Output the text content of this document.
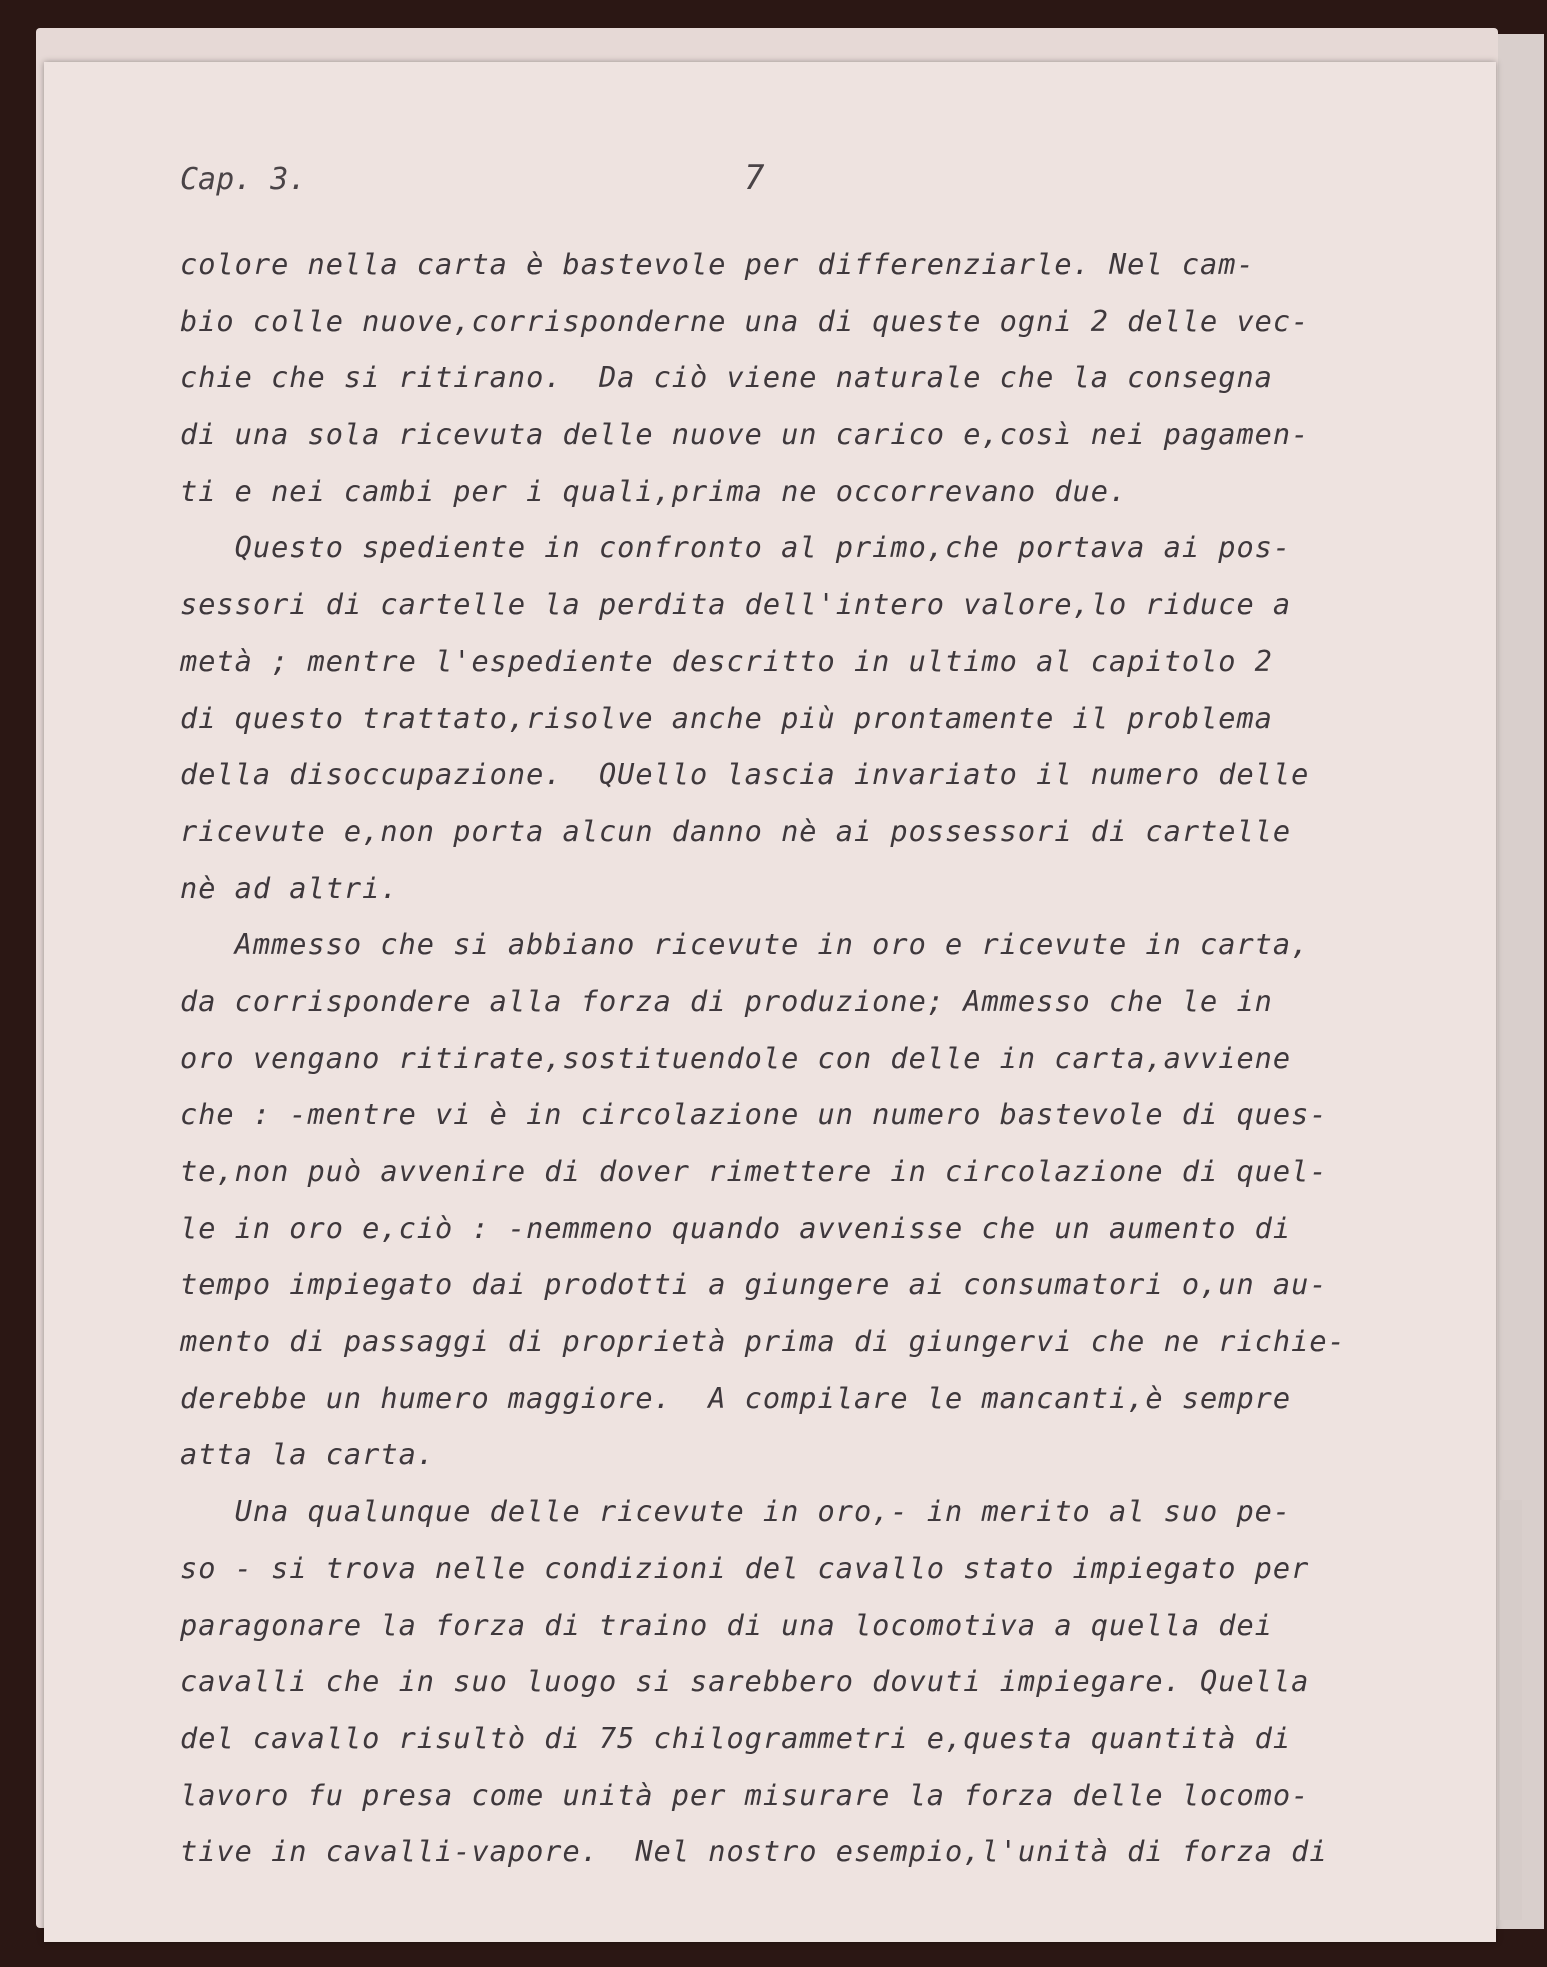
Cap. 3.	7
colore nella carta è bastevole per differenziarle. Nel cam-
bio colle nuove,corrisponderne una di queste ogni 2 delle vec-
chie che si ritirano.  Da ciò viene naturale che la consegna
di una sola ricevuta delle nuove un carico e,così nei pagamen-
ti e nei cambi per i quali,prima ne occorrevano due.
Questo spediente in confronto al primo,che portava ai pos-
sessori di cartelle la perdita dell'intero valore,lo riduce a
metà ; mentre l'espediente descritto in ultimo al capitolo 2
di questo trattato,risolve anche più prontamente il problema
della disoccupazione.  QUello lascia invariato il numero delle
ricevute e,non porta alcun danno nè ai possessori di cartelle
nè ad altri.
Ammesso che si abbiano ricevute in oro e ricevute in carta,
da corrispondere alla forza di produzione; Ammesso che le in
oro vengano ritirate,sostituendole con delle in carta,avviene
che : -mentre vi è in circolazione un numero bastevole di ques-
te,non può avvenire di dover rimettere in circolazione di quel-
le in oro e,ciò : -nemmeno quando avvenisse che un aumento di
tempo impiegato dai prodotti a giungere ai consumatori o,un au-
mento di passaggi di proprietà prima di giungervi che ne richie-
derebbe un humero maggiore.  A compilare le mancanti,è sempre
atta la carta.
Una qualunque delle ricevute in oro,- in merito al suo pe-
so - si trova nelle condizioni del cavallo stato impiegato per
paragonare la forza di traino di una locomotiva a quella dei
cavalli che in suo luogo si sarebbero dovuti impiegare. Quella
del cavallo risultò di 75 chilogrammetri e,questa quantità di
lavoro fu presa come unità per misurare la forza delle locomo-
tive in cavalli-vapore.  Nel nostro esempio,l'unità di forza di
